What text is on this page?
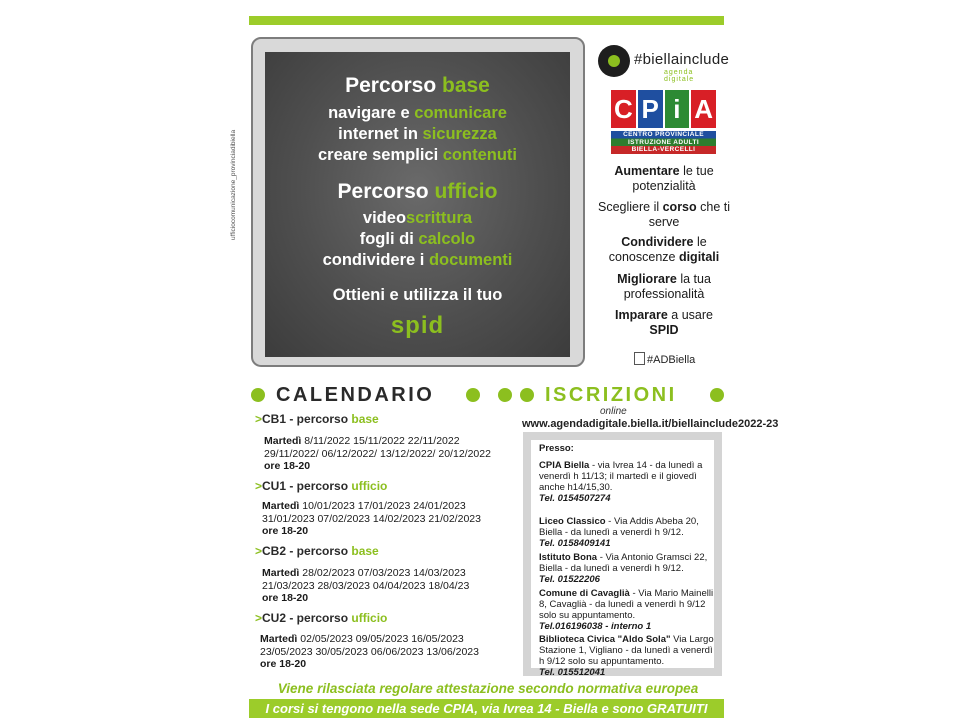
ufficiocomunicazione_provinciadibiella
Percorso base
navigare e comunicare
internet in sicurezza
creare semplici contenuti
Percorso ufficio
videoscrittura
fogli di calcolo
condividere i documenti
Ottieni e utilizza il tuo
spid
#biellainclude
agenda digitale
C P i A
CENTRO PROVINCIALE
ISTRUZIONE ADULTI
BIELLA-VERCELLI
Aumentare le tue potenzialità
Scegliere il corso che ti serve
Condividere le conoscenze digitali
Migliorare la tua professionalità
Imparare a usare
SPID
#ADBiella
CALENDARIO	ISCRIZIONI
online
www.agendadigitale.biella.it/biellainclude2022-23
>CB1 - percorso base
Martedì 8/11/2022 15/11/2022 22/11/2022
29/11/2022/ 06/12/2022/ 13/12/2022/ 20/12/2022
ore 18-20
>CU1 - percorso ufficio
Martedì 10/01/2023 17/01/2023 24/01/2023
31/01/2023 07/02/2023 14/02/2023 21/02/2023
ore 18-20
>CB2 - percorso base
Martedì 28/02/2023 07/03/2023 14/03/2023
21/03/2023 28/03/2023 04/04/2023 18/04/23
ore 18-20
>CU2 - percorso ufficio
Martedì 02/05/2023 09/05/2023 16/05/2023
23/05/2023 30/05/2023 06/06/2023 13/06/2023
ore 18-20
Presso:
CPIA Biella - via Ivrea 14 - da lunedì a venerdì h 11/13; il martedì e il giovedì anche h14/15,30.
Tel. 0154507274
Liceo Classico - Via Addis Abeba 20, Biella - da lunedì a venerdì h 9/12.
Tel. 0158409141
Istituto Bona - Via Antonio Gramsci 22, Biella - da lunedì a venerdì h 9/12.
Tel. 01522206
Comune di Cavaglià - Via Mario Mainelli 8, Cavaglià - da lunedì a venerdì h 9/12 solo su appuntamento.
Tel.016196038 - interno 1
Biblioteca Civica "Aldo Sola" Via Largo Stazione 1, Vigliano - da lunedì a venerdì h 9/12 solo su appuntamento.
Tel. 015512041
Viene rilasciata regolare attestazione secondo normativa europea
I corsi si tengono nella sede CPIA, via Ivrea 14 - Biella e sono GRATUITI
